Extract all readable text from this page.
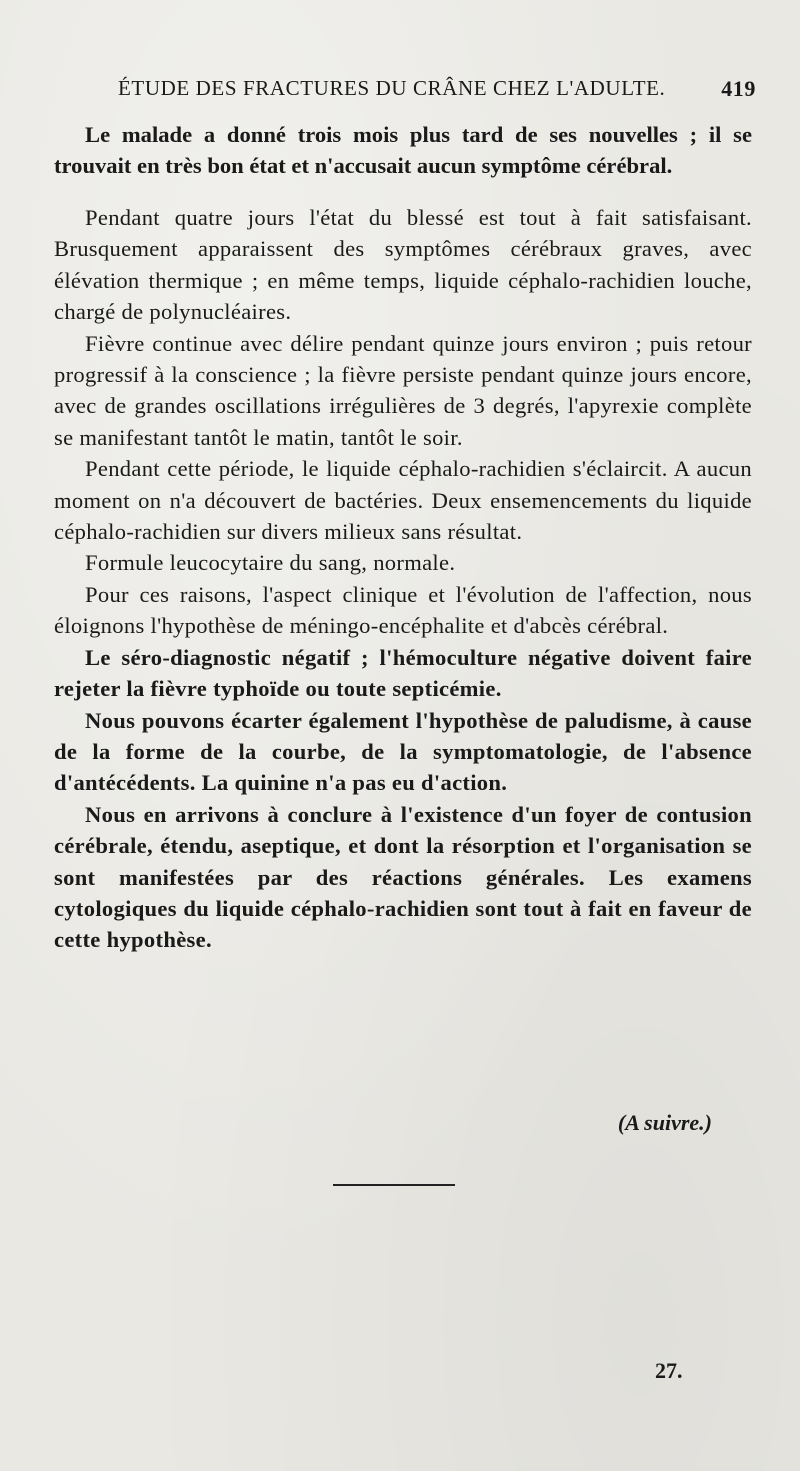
ÉTUDE DES FRACTURES DU CRÂNE CHEZ L'ADULTE.	419

Le malade a donné trois mois plus tard de ses nouvelles ; il se trouvait en très bon état et n'accusait aucun symptôme cérébral.

Pendant quatre jours l'état du blessé est tout à fait satisfaisant. Brusquement apparaissent des symptômes cérébraux graves, avec élévation thermique ; en même temps, liquide céphalo-rachidien louche, chargé de polynucléaires.

Fièvre continue avec délire pendant quinze jours environ ; puis retour progressif à la conscience ; la fièvre persiste pendant quinze jours encore, avec de grandes oscillations irrégulières de 3 degrés, l'apyrexie complète se manifestant tantôt le matin, tantôt le soir.

Pendant cette période, le liquide céphalo-rachidien s'éclaircit. A aucun moment on n'a découvert de bactéries. Deux ensemencements du liquide céphalo-rachidien sur divers milieux sans résultat.

Formule leucocytaire du sang, normale.

Pour ces raisons, l'aspect clinique et l'évolution de l'affection, nous éloignons l'hypothèse de méningo-encéphalite et d'abcès cérébral.

Le séro-diagnostic négatif ; l'hémoculture négative doivent faire rejeter la fièvre typhoïde ou toute septicémie.

Nous pouvons écarter également l'hypothèse de paludisme, à cause de la forme de la courbe, de la symptomatologie, de l'absence d'antécédents. La quinine n'a pas eu d'action.

Nous en arrivons à conclure à l'existence d'un foyer de contusion cérébrale, étendu, aseptique, et dont la résorption et l'organisation se sont manifestées par des réactions générales. Les examens cytologiques du liquide céphalo-rachidien sont tout à fait en faveur de cette hypothèse.

(A suivre.)
27.
